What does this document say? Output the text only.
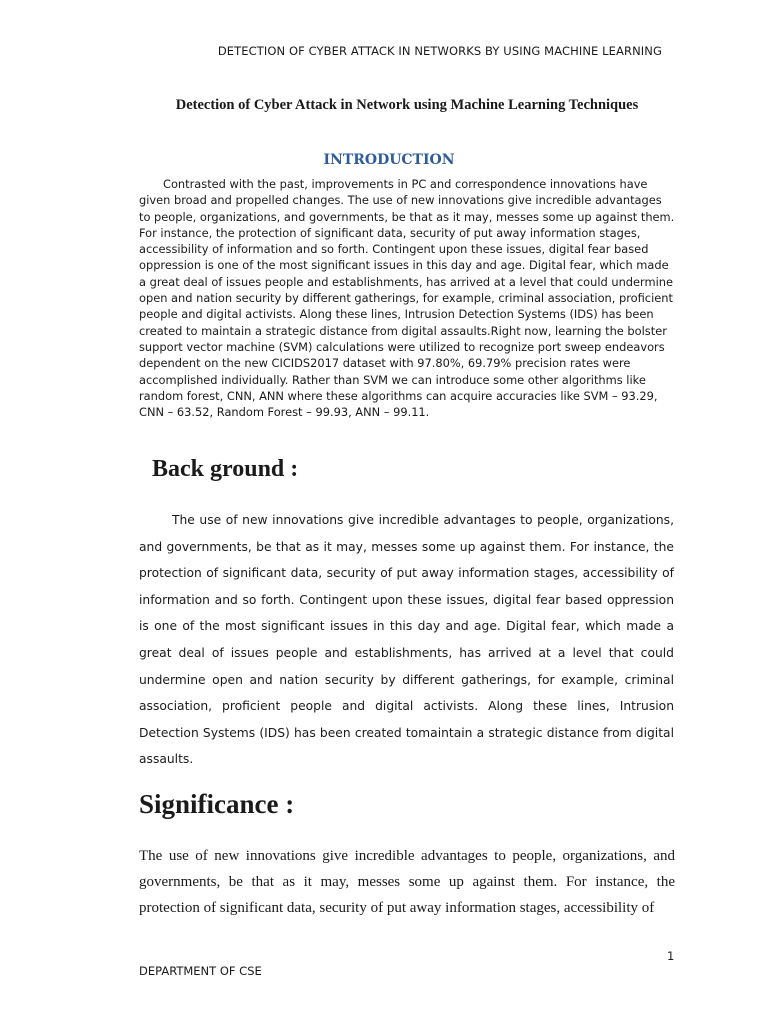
DETECTION OF CYBER ATTACK IN NETWORKS BY USING MACHINE LEARNING
Detection of Cyber Attack in Network using Machine Learning Techniques
INTRODUCTION

Contrasted with the past, improvements in PC and correspondence innovations have given broad and propelled changes. The use of new innovations give incredible advantages to people, organizations, and governments, be that as it may, messes some up against them. For instance, the protection of significant data, security of put away information stages, accessibility of information and so forth. Contingent upon these issues, digital fear based oppression is one of the most significant issues in this day and age. Digital fear, which made a great deal of issues people and establishments, has arrived at a level that could undermine open and nation security by different gatherings, for example, criminal association, proficient people and digital activists. Along these lines, Intrusion Detection Systems (IDS) has been created to maintain a strategic distance from digital assaults.Right now, learning the bolster support vector machine (SVM) calculations were utilized to recognize port sweep endeavors dependent on the new CICIDS2017 dataset with 97.80%, 69.79% precision rates were accomplished individually. Rather than SVM we can introduce some other algorithms like random forest, CNN, ANN where these algorithms can acquire accuracies like SVM – 93.29, CNN – 63.52, Random Forest – 99.93, ANN – 99.11.

Back ground :

The use of new innovations give incredible advantages to people, organizations, and governments, be that as it may, messes some up against them. For instance, the protection of significant data, security of put away information stages, accessibility of information and so forth. Contingent upon these issues, digital fear based oppression is one of the most significant issues in this day and age. Digital fear, which made a great deal of issues people and establishments, has arrived at a level that could undermine open and nation security by different gatherings, for example, criminal association, proficient people and digital activists. Along these lines, Intrusion Detection Systems (IDS) has been created tomaintain a strategic distance from digital assaults.

Significance :

The use of new innovations give incredible advantages to people, organizations, and governments, be that as it may, messes some up against them. For instance, the protection of significant data, security of put away information stages, accessibility of

1
DEPARTMENT OF CSE
